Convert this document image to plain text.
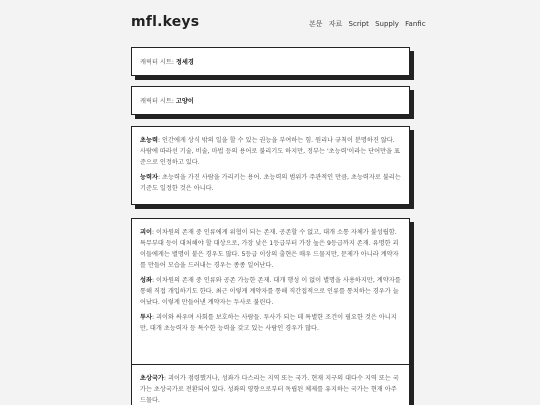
mfl.keys	본문 자료 Script Supply Fanfic
캐릭터 시트: 정세경
캐릭터 시트: 고양이

초능력: 인간에게 상식 밖의 일을 할 수 있는 권능을 부여하는 힘. 원리나 규칙이 분명하진 않다. 사람에 따라선 기술, 비술, 마법 등의 용어로 불리기도 하지만, 정부는 '초능력'이라는 단어만을 표준으로 인정하고 있다.

능력자: 초능력을 가진 사람을 가리키는 용어. 초능력의 범위가 주관적인 만큼, 초능력자로 불리는 기준도 일정한 것은 아니다.

괴이: 이차원의 존재 중 인류에게 위협이 되는 존재. 공존할 수 없고, 대개 소통 자체가 불성립함. 특무부대 등이 대처해야 할 대상으로, 가장 낮은 1등급부터 가장 높은 9등급까지 존재. 유명한 괴이들에게는 별명이 붙은 경우도 많다. 5등급 이상의 출현은 매우 드물지만, 문제가 아니라 계약자를 만들어 모습을 드러내는 경우는 종종 일어난다.

성좌: 이차원의 존재 중 인류와 공존 가능한 존재. 대개 행성 이 없이 별명을 사용하지만, 계약자를 통해 직접 개입하기도 한다. 최근 이렇게 계약자를 통해 직간접적으로 인류를 통치하는 경우가 늘어났다. 이렇게 만들어낸 계약자는 두사로 불린다.

투사: 괴이와 싸우며 사회를 보호하는 사람들. 투사가 되는 데 특별한 조건이 필요한 것은 아니지만, 대개 초능력자 등 특수한 능력을 갖고 있는 사람인 경우가 많다.

초상국가: 괴이가 점령했거나, 성좌가 다스리는 지역 또는 국가. 현재 지구의 대다수 지역 또는 국가는 초상국가로 전환되어 있다. 성좌의 영향으로부터 독립된 체제를 유지하는 국가는 현재 아주 드물다.
